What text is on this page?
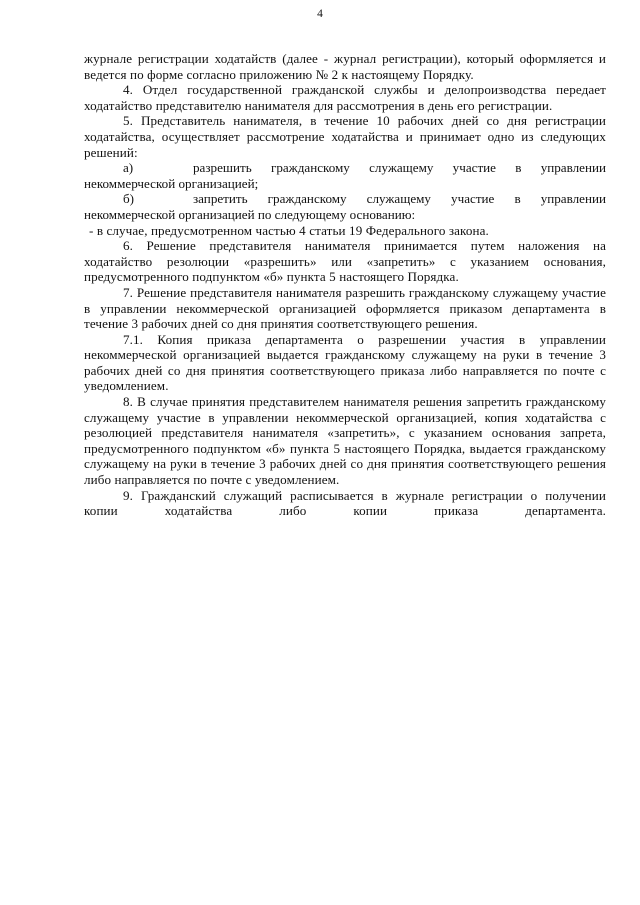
4

журнале регистрации ходатайств (далее - журнал регистрации), который оформляется и ведется по форме согласно приложению № 2 к настоящему Порядку.

4. Отдел государственной гражданской службы и делопроизводства передает ходатайство представителю нанимателя для рассмотрения в день его регистрации.

5. Представитель нанимателя, в течение 10 рабочих дней со дня регистрации ходатайства, осуществляет рассмотрение ходатайства и принимает одно из следующих решений:

а)	разрешить гражданскому служащему участие в управлении

некоммерческой организацией;

б)	запретить гражданскому служащему участие в управлении

некоммерческой организацией по следующему основанию:

- в случае, предусмотренном частью 4 статьи 19 Федерального закона.

6. Решение представителя нанимателя принимается путем наложения на ходатайство резолюции «разрешить» или «запретить» с указанием основания, предусмотренного подпунктом «б» пункта 5 настоящего Порядка.

7. Решение представителя нанимателя разрешить гражданскому служащему участие в управлении некоммерческой организацией оформляется приказом департамента в течение 3 рабочих дней со дня принятия соответствующего решения.

7.1. Копия приказа департамента о разрешении участия в управлении некоммерческой организацией выдается гражданскому служащему на руки в течение 3 рабочих дней со дня принятия соответствующего приказа либо направляется по почте с уведомлением.

8. В случае принятия представителем нанимателя решения запретить гражданскому служащему участие в управлении некоммерческой организацией, копия ходатайства с резолюцией представителя нанимателя «запретить», с указанием основания запрета, предусмотренного подпунктом «б» пункта 5 настоящего Порядка, выдается гражданскому служащему на руки в течение 3 рабочих дней со дня принятия соответствующего решения либо направляется по почте с уведомлением.

9. Гражданский служащий расписывается в журнале регистрации о получении копии ходатайства либо копии приказа департамента.
